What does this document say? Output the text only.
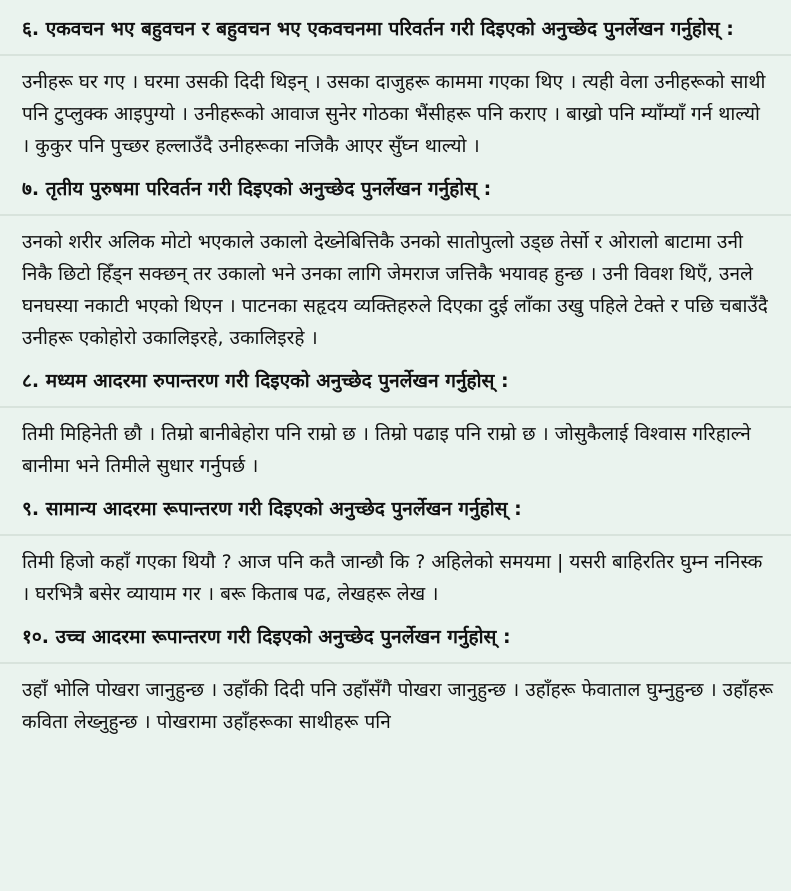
६. एकवचन भए बहुवचन र बहुवचन भए एकवचनमा परिवर्तन गरी दिइएको अनुच्छेद पुनर्लेखन गर्नुहोस् :

उनीहरू घर गए । घरमा उसकी दिदी थिइन् । उसका दाजुहरू काममा गएका थिए । त्यही वेला उनीहरूको साथी पनि टुप्लुक्क आइपुग्यो । उनीहरूको आवाज सुनेर गोठका भैंसीहरू पनि कराए । बाख्रो पनि म्याँम्याँ गर्न थाल्यो । कुकुर पनि पुच्छर हल्लाउँदै उनीहरूका नजिकै आएर सुँघ्न थाल्यो ।

७. तृतीय पुरुषमा परिवर्तन गरी दिइएको अनुच्छेद पुनर्लेखन गर्नुहोस् :

उनको शरीर अलिक मोटो भएकाले उकालो देख्नेबित्तिकै उनको सातोपुत्लो उड्छ तेर्सो र ओरालो बाटामा उनी निकै छिटो हिँड्न सक्छन् तर उकालो भने उनका लागि जेमराज जत्तिकै भयावह हुन्छ । उनी विवश थिएँ, उनले घनघस्या नकाटी भएको थिएन । पाटनका सहृदय व्यक्तिहरुले दिएका दुई लाँका उखु पहिले टेक्ते र पछि चबाउँदै उनीहरू एकोहोरो उकालिइरहे, उकालिइरहे ।

८. मध्यम आदरमा रुपान्तरण गरी दिइएको अनुच्छेद पुनर्लेखन गर्नुहोस् :

तिमी मिहिनेती छौ । तिम्रो बानीबेहोरा पनि राम्रो छ । तिम्रो पढाइ पनि राम्रो छ । जोसुकैलाई विश्वास गरिहाल्ने बानीमा भने तिमीले सुधार गर्नुपर्छ ।

९. सामान्य आदरमा रूपान्तरण गरी दिइएको अनुच्छेद पुनर्लेखन गर्नुहोस् :

तिमी हिजो कहाँ गएका थियौ ? आज पनि कतै जान्छौ कि ? अहिलेको समयमा | यसरी बाहिरतिर घुम्न ननिस्क । घरभित्रै बसेर व्यायाम गर । बरू किताब पढ, लेखहरू लेख ।

१०. उच्च आदरमा रूपान्तरण गरी दिइएको अनुच्छेद पुनर्लेखन गर्नुहोस् :

उहाँ भोलि पोखरा जानुहुन्छ । उहाँकी दिदी पनि उहाँसँगै पोखरा जानुहुन्छ । उहाँहरू फेवाताल घुम्नुहुन्छ । उहाँहरू कविता लेख्नुहुन्छ । पोखरामा उहाँहरूका साथीहरू पनि
